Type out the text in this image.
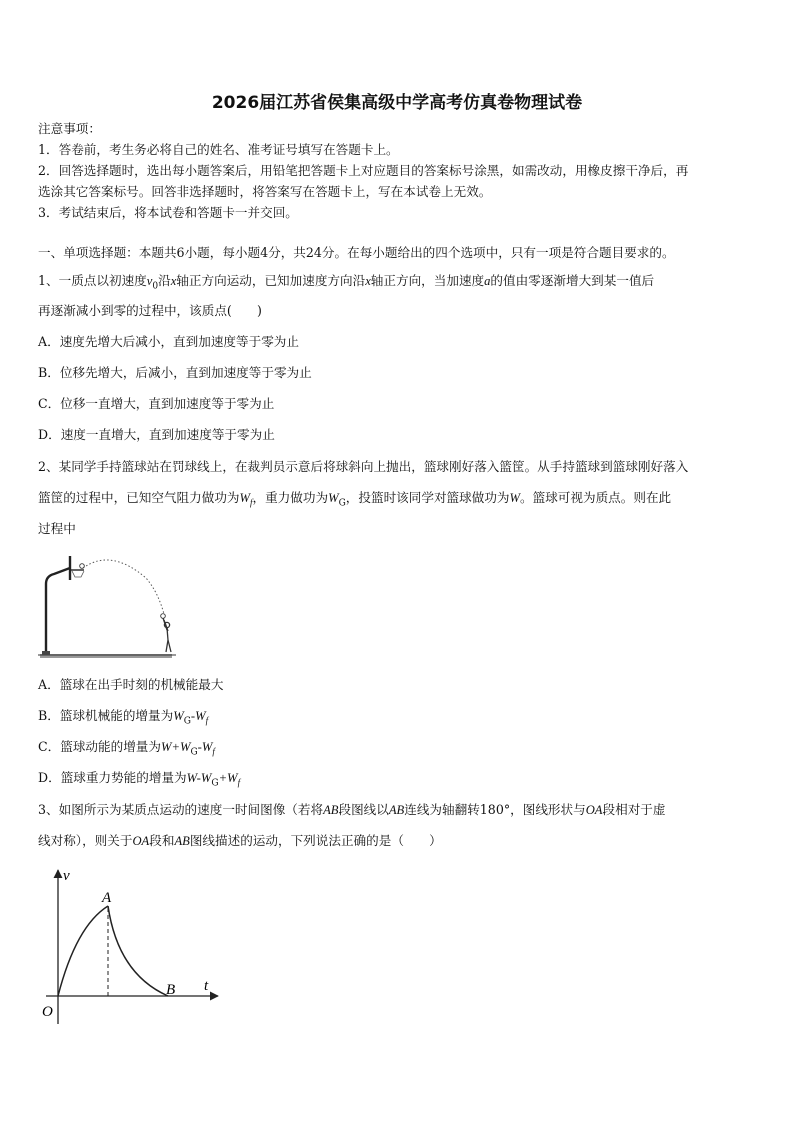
2026届江苏省侯集高级中学高考仿真卷物理试卷
注意事项：
1．答卷前，考生务必将自己的姓名、准考证号填写在答题卡上。
2．回答选择题时，选出每小题答案后，用铅笔把答题卡上对应题目的答案标号涂黑，如需改动，用橡皮擦干净后，再
选涂其它答案标号。回答非选择题时，将答案写在答题卡上，写在本试卷上无效。
3．考试结束后，将本试卷和答题卡一并交回。
一、单项选择题：本题共6小题，每小题4分，共24分。在每小题给出的四个选项中，只有一项是符合题目要求的。
1、一质点以初速度$v_0$沿x轴正方向运动，已知加速度方向沿x轴正方向，当加速度a的值由零逐渐增大到某一值后
再逐渐减小到零的过程中，该质点(　　)
A．速度先增大后减小，直到加速度等于零为止
B．位移先增大，后减小，直到加速度等于零为止
C．位移一直增大，直到加速度等于零为止
D．速度一直增大，直到加速度等于零为止
2、某同学手持篮球站在罚球线上，在裁判员示意后将球斜向上抛出，篮球刚好落入篮筐。从手持篮球到篮球刚好落入
篮筐的过程中，已知空气阻力做功为$W_f$，重力做功为$W_G$，投篮时该同学对篮球做功为W。篮球可视为质点。则在此
过程中
A．篮球在出手时刻的机械能最大
B．篮球机械能的增量为$W_G-W_f$
C．篮球动能的增量为$W+W_G-W_f$
D．篮球重力势能的增量为$W-W_G+W_f$
3、如图所示为某质点运动的速度一时间图像（若将AB段图线以AB连线为轴翻转180°，图线形状与OA段相对于虚
线对称），则关于OA段和AB图线描述的运动，下列说法正确的是（　　）
v
t
O
A
B
